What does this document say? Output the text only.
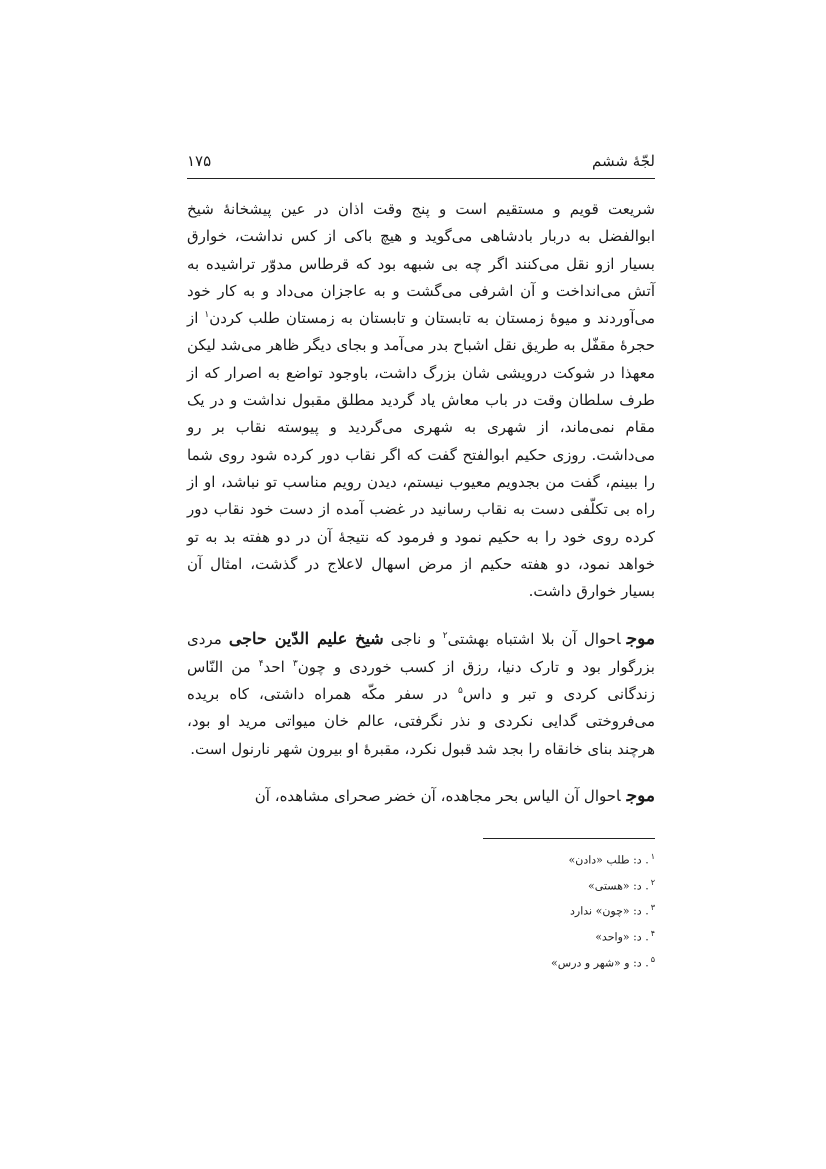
لجّهٔ ششم
۱۷۵

شریعت قویم و مستقیم است و پنج وقت اذان در عین پیشخانهٔ شیخ ابوالفضل به دربار بادشاهی می‌گوید و هیچ باکی از کس نداشت، خوارق بسیار ازو نقل می‌کنند اگر چه بی شبهه بود که قرطاس مدوّر تراشیده به آتش می‌انداخت و آن اشرفی می‌گشت و به عاجزان می‌داد و به کار خود می‌آوردند و میوهٔ زمستان به تابستان و تابستان به زمستان طلب کردن$^۱$ از حجرهٔ مقفّل به طریق نقل اشباح بدر می‌آمد و بجای دیگر ظاهر می‌شد لیکن معهذا در شوکت درویشی شان بزرگ داشت، باوجود تواضع به اصرار که از طرف سلطان وقت در باب معاش یاد گردید مطلق مقبول نداشت و در یک مقام نمی‌ماند، از شهری به شهری می‌گردید و پیوسته نقاب بر رو می‌داشت. روزی حکیم ابوالفتح گفت که اگر نقاب دور کرده شود روی شما را ببینم، گفت من بجدویم معیوب نیستم، دیدن رویم مناسب تو نباشد، او از راه بی تکلّفی دست به نقاب رسانید در غضب آمده از دست خود نقاب دور کرده روی خود را به حکیم نمود و فرمود که نتیجهٔ آن در دو هفته بد به تو خواهد نمود، دو هفته حکیم از مرض اسهال لاعلاج در گذشت، امثال آن بسیار خوارق داشت.

موجاحوال آن بلا اشتباه بهشتی$^۲$ و ناجی شیخ علیم الدّین حاجی مردی بزرگوار بود و تارک دنیا، رزق از کسب خوردی و چون$^۳$ احد$^۴$ من النّاس زندگانی کردی و تبر و داس$^۵$ در سفر مکّه همراه داشتی، کاه بریده می‌فروختی گدایی نکردی و نذر نگرفتی، عالم خان میواتی مرید او بود، هرچند بنای خانقاه را بجد شد قبول نکرد، مقبرهٔ او بیرون شهر نارنول است.

موجاحوال آن الیاس بحر مجاهده، آن خضر صحرای مشاهده، آن

$^۱$. د: طلب «دادن»
$^۲$. د: «هستی»
$^۳$. د: «چون» ندارد
$^۴$. د: «واحد»
$^۵$. د: و «شهر و درس»
